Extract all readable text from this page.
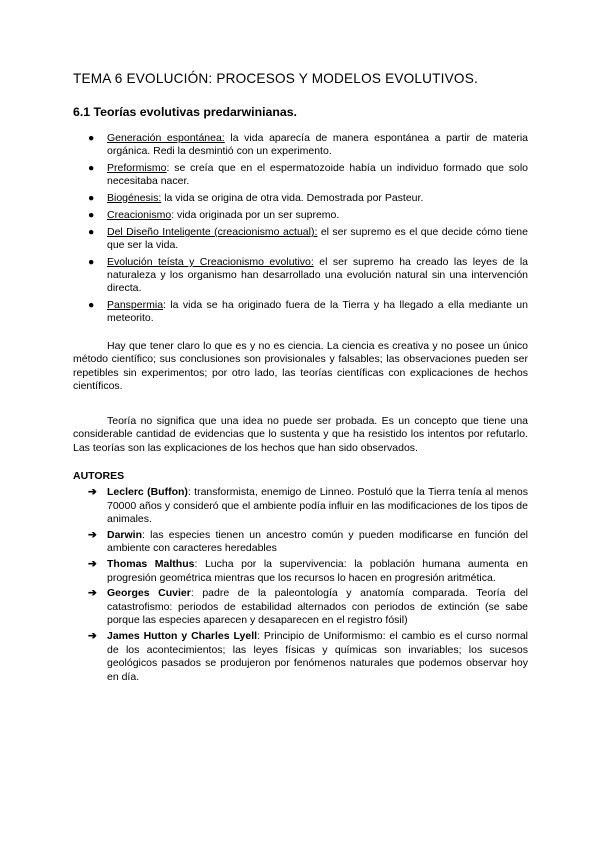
TEMA 6 EVOLUCIÓN: PROCESOS Y MODELOS EVOLUTIVOS.
6.1 Teorías evolutivas predarwinianas.
● Generación espontánea: la vida aparecía de manera espontánea a partir de materia orgánica. Redi la desmintió con un experimento.
● Preformismo: se creía que en el espermatozoide había un individuo formado que solo necesitaba nacer.
● Biogénesis: la vida se origina de otra vida. Demostrada por Pasteur.
● Creacionismo: vida originada por un ser supremo.
● Del Diseño Inteligente (creacionismo actual): el ser supremo es el que decide cómo tiene que ser la vida.
● Evolución teísta y Creacionismo evolutivo: el ser supremo ha creado las leyes de la naturaleza y los organismo han desarrollado una evolución natural sin una intervención directa.
● Panspermia: la vida se ha originado fuera de la Tierra y ha llegado a ella mediante un meteorito.

Hay que tener claro lo que es y no es ciencia. La ciencia es creativa y no posee un único método científico; sus conclusiones son provisionales y falsables; las observaciones pueden ser repetibles sin experimentos; por otro lado, las teorías científicas con explicaciones de hechos científicos.

Teoría no significa que una idea no puede ser probada. Es un concepto que tiene una considerable cantidad de evidencias que lo sustenta y que ha resistido los intentos por refutarlo. Las teorías son las explicaciones de los hechos que han sido observados.

AUTORES
➔ Leclerc (Buffon): transformista, enemigo de Linneo. Postuló que la Tierra tenía al menos 70000 años y consideró que el ambiente podía influir en las modificaciones de los tipos de animales.
➔ Darwin: las especies tienen un ancestro común y pueden modificarse en función del ambiente con caracteres heredables
➔ Thomas Malthus: Lucha por la supervivencia: la población humana aumenta en progresión geométrica mientras que los recursos lo hacen en progresión aritmética.
➔ Georges Cuvier: padre de la paleontología y anatomía comparada. Teoría del catastrofismo: periodos de estabilidad alternados con periodos de extinción (se sabe porque las especies aparecen y desaparecen en el registro fósil)
➔ James Hutton y Charles Lyell: Principio de Uniformismo: el cambio es el curso normal de los acontecimientos; las leyes físicas y químicas son invariables; los sucesos geológicos pasados se produjeron por fenómenos naturales que podemos observar hoy en día.
